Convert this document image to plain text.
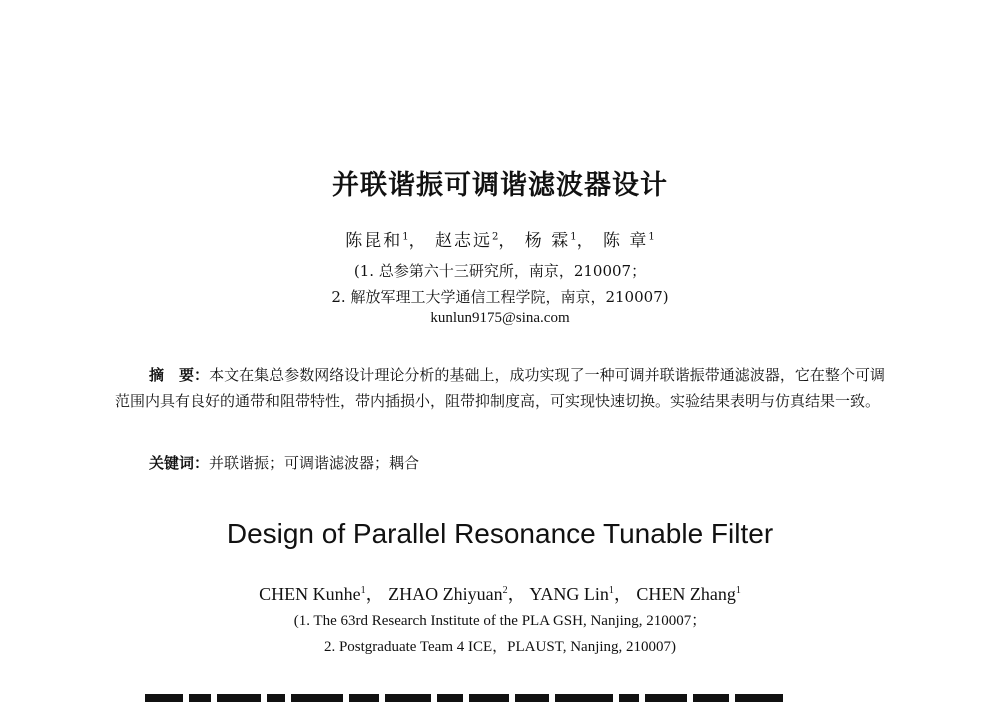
并联谐振可调谐滤波器设计
陈昆和$^1$， 赵志远$^2$， 杨 霖$^1$， 陈 章$^1$
(1. 总参第六十三研究所，南京，210007；
2. 解放军理工大学通信工程学院，南京，210007)
kunlun9175@sina.com
摘　要：本文在集总参数网络设计理论分析的基础上，成功实现了一种可调并联谐振带通滤波器，它在整个可调范围内具有良好的通带和阻带特性，带内插损小，阻带抑制度高，可实现快速切换。实验结果表明与仿真结果一致。
关键词：并联谐振；可调谐滤波器；耦合
Design of Parallel Resonance Tunable Filter
CHEN Kunhe$^1$， ZHAO Zhiyuan$^2$， YANG Lin$^1$， CHEN Zhang$^1$
(1. The 63rd Research Institute of the PLA GSH, Nanjing, 210007；
2. Postgraduate Team 4 ICE，PLAUST, Nanjing, 210007)
